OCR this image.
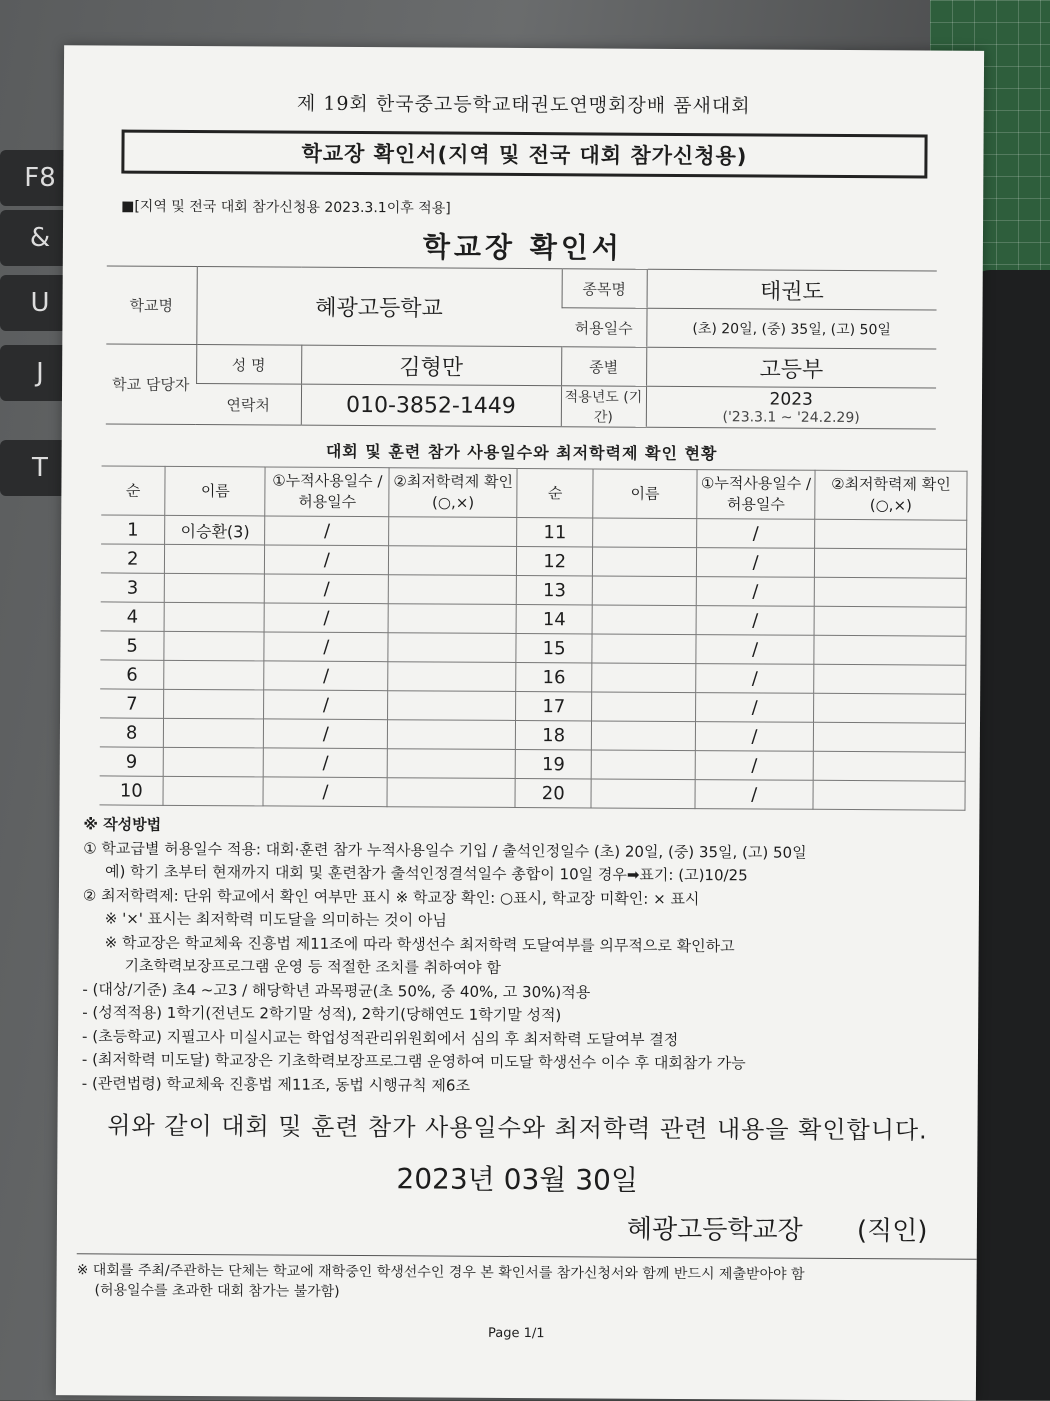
F8
&
U
J
T
제 19회 한국중고등학교태권도연맹회장배 품새대회
학교장 확인서(지역 및 전국 대회 참가신청용)
■[지역 및 전국 대회 참가신청용 2023.3.1이후 적용]
학교장 확인서
학교명	혜광고등학교		종목명	태권도
			허용일수	(초) 20일, (중) 35일, (고) 50일
학교 담당자	성 명	김형만	종별	고등부
	연락처	010-3852-1449	적용년도 (기간)	2023
('23.3.1 ~ '24.2.29)
대회 및 훈련 참가 사용일수와 최저학력제 확인 현황
순	이름	①누적사용일수 /허용일수	②최저학력제 확인(○,×)	순	이름	①누적사용일수 /허용일수	②최저학력제 확인(○,×)
1	이승환(3)	/		11		/	
2		/		12		/	
3		/		13		/	
4		/		14		/	
5		/		15		/	
6		/		16		/	
7		/		17		/	
8		/		18		/	
9		/		19		/	
10		/		20		/	
※ 작성방법
① 학교급별 허용일수 적용: 대회·훈련 참가 누적사용일수 기입 / 출석인정일수 (초) 20일, (중) 35일, (고) 50일
예) 학기 초부터 현재까지 대회 및 훈련참가 출석인정결석일수 총합이 10일 경우➡표기: (고)10/25
② 최저학력제: 단위 학교에서 확인 여부만 표시 ※ 학교장 확인: ○표시, 학교장 미확인: × 표시
※ '×' 표시는 최저학력 미도달을 의미하는 것이 아님
※ 학교장은 학교체육 진흥법 제11조에 따라 학생선수 최저학력 도달여부를 의무적으로 확인하고
기초학력보장프로그램 운영 등 적절한 조치를 취하여야 함
- (대상/기준) 초4 ~고3 / 해당학년 과목평균(초 50%, 중 40%, 고 30%)적용
- (성적적용) 1학기(전년도 2학기말 성적), 2학기(당해연도 1학기말 성적)
- (초등학교) 지필고사 미실시교는 학업성적관리위원회에서 심의 후 최저학력 도달여부 결정
- (최저학력 미도달) 학교장은 기초학력보장프로그램 운영하여 미도달 학생선수 이수 후 대회참가 가능
- (관련법령) 학교체육 진흥법 제11조, 동법 시행규칙 제6조
위와 같이 대회 및 훈련 참가 사용일수와 최저학력 관련 내용을 확인합니다.
2023년 03월 30일
혜광고등학교장 (직인)
※ 대회를 주최/주관하는 단체는 학교에 재학중인 학생선수인 경우 본 확인서를 참가신청서와 함께 반드시 제출받아야 함
(허용일수를 초과한 대회 참가는 불가함)
Page 1/1
